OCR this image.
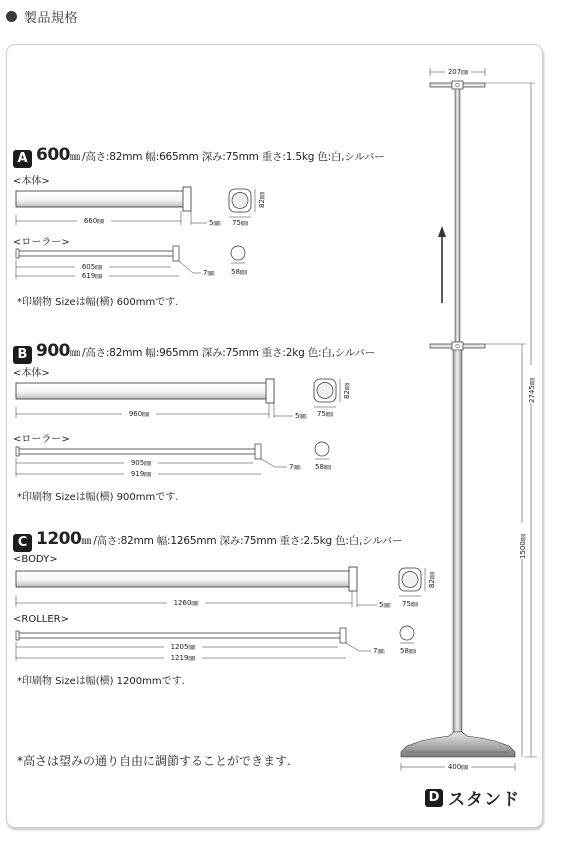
製品規格
A 600 ㎜ /高さ:82mm 幅:665mm 深み:75mm 重さ:1.5kg 色:白,シルバー
<本体>
<ローラー>
*印刷物 Sizeは幅(横) 600mmです.
B 900 ㎜ /高さ:82mm 幅:965mm 深み:75mm 重さ:2kg 色:白,シルバー
<本体>
<ローラー>
*印刷物 Sizeは幅(横) 900mmです.
C 1200 ㎜ /高さ:82mm 幅:1265mm 深み:75mm 重さ:2.5kg 色:白,シルバー
<BODY>
<ROLLER>
*印刷物 Sizeは幅(横) 1200mmです.
*高さは望みの通り自由に調節することができます.
D スタンド
660㎜	5㎜ 75㎜
82㎜
605㎜
619㎜	7㎜ 58㎜
960㎜	5㎜ 75㎜
82㎜
905㎜
919㎜
7㎜ 58㎜
1260㎜	5㎜ 75㎜
82㎜
1205㎜
1219㎜
7㎜ 58㎜
207㎜
400㎜
2745㎜
1500㎜
